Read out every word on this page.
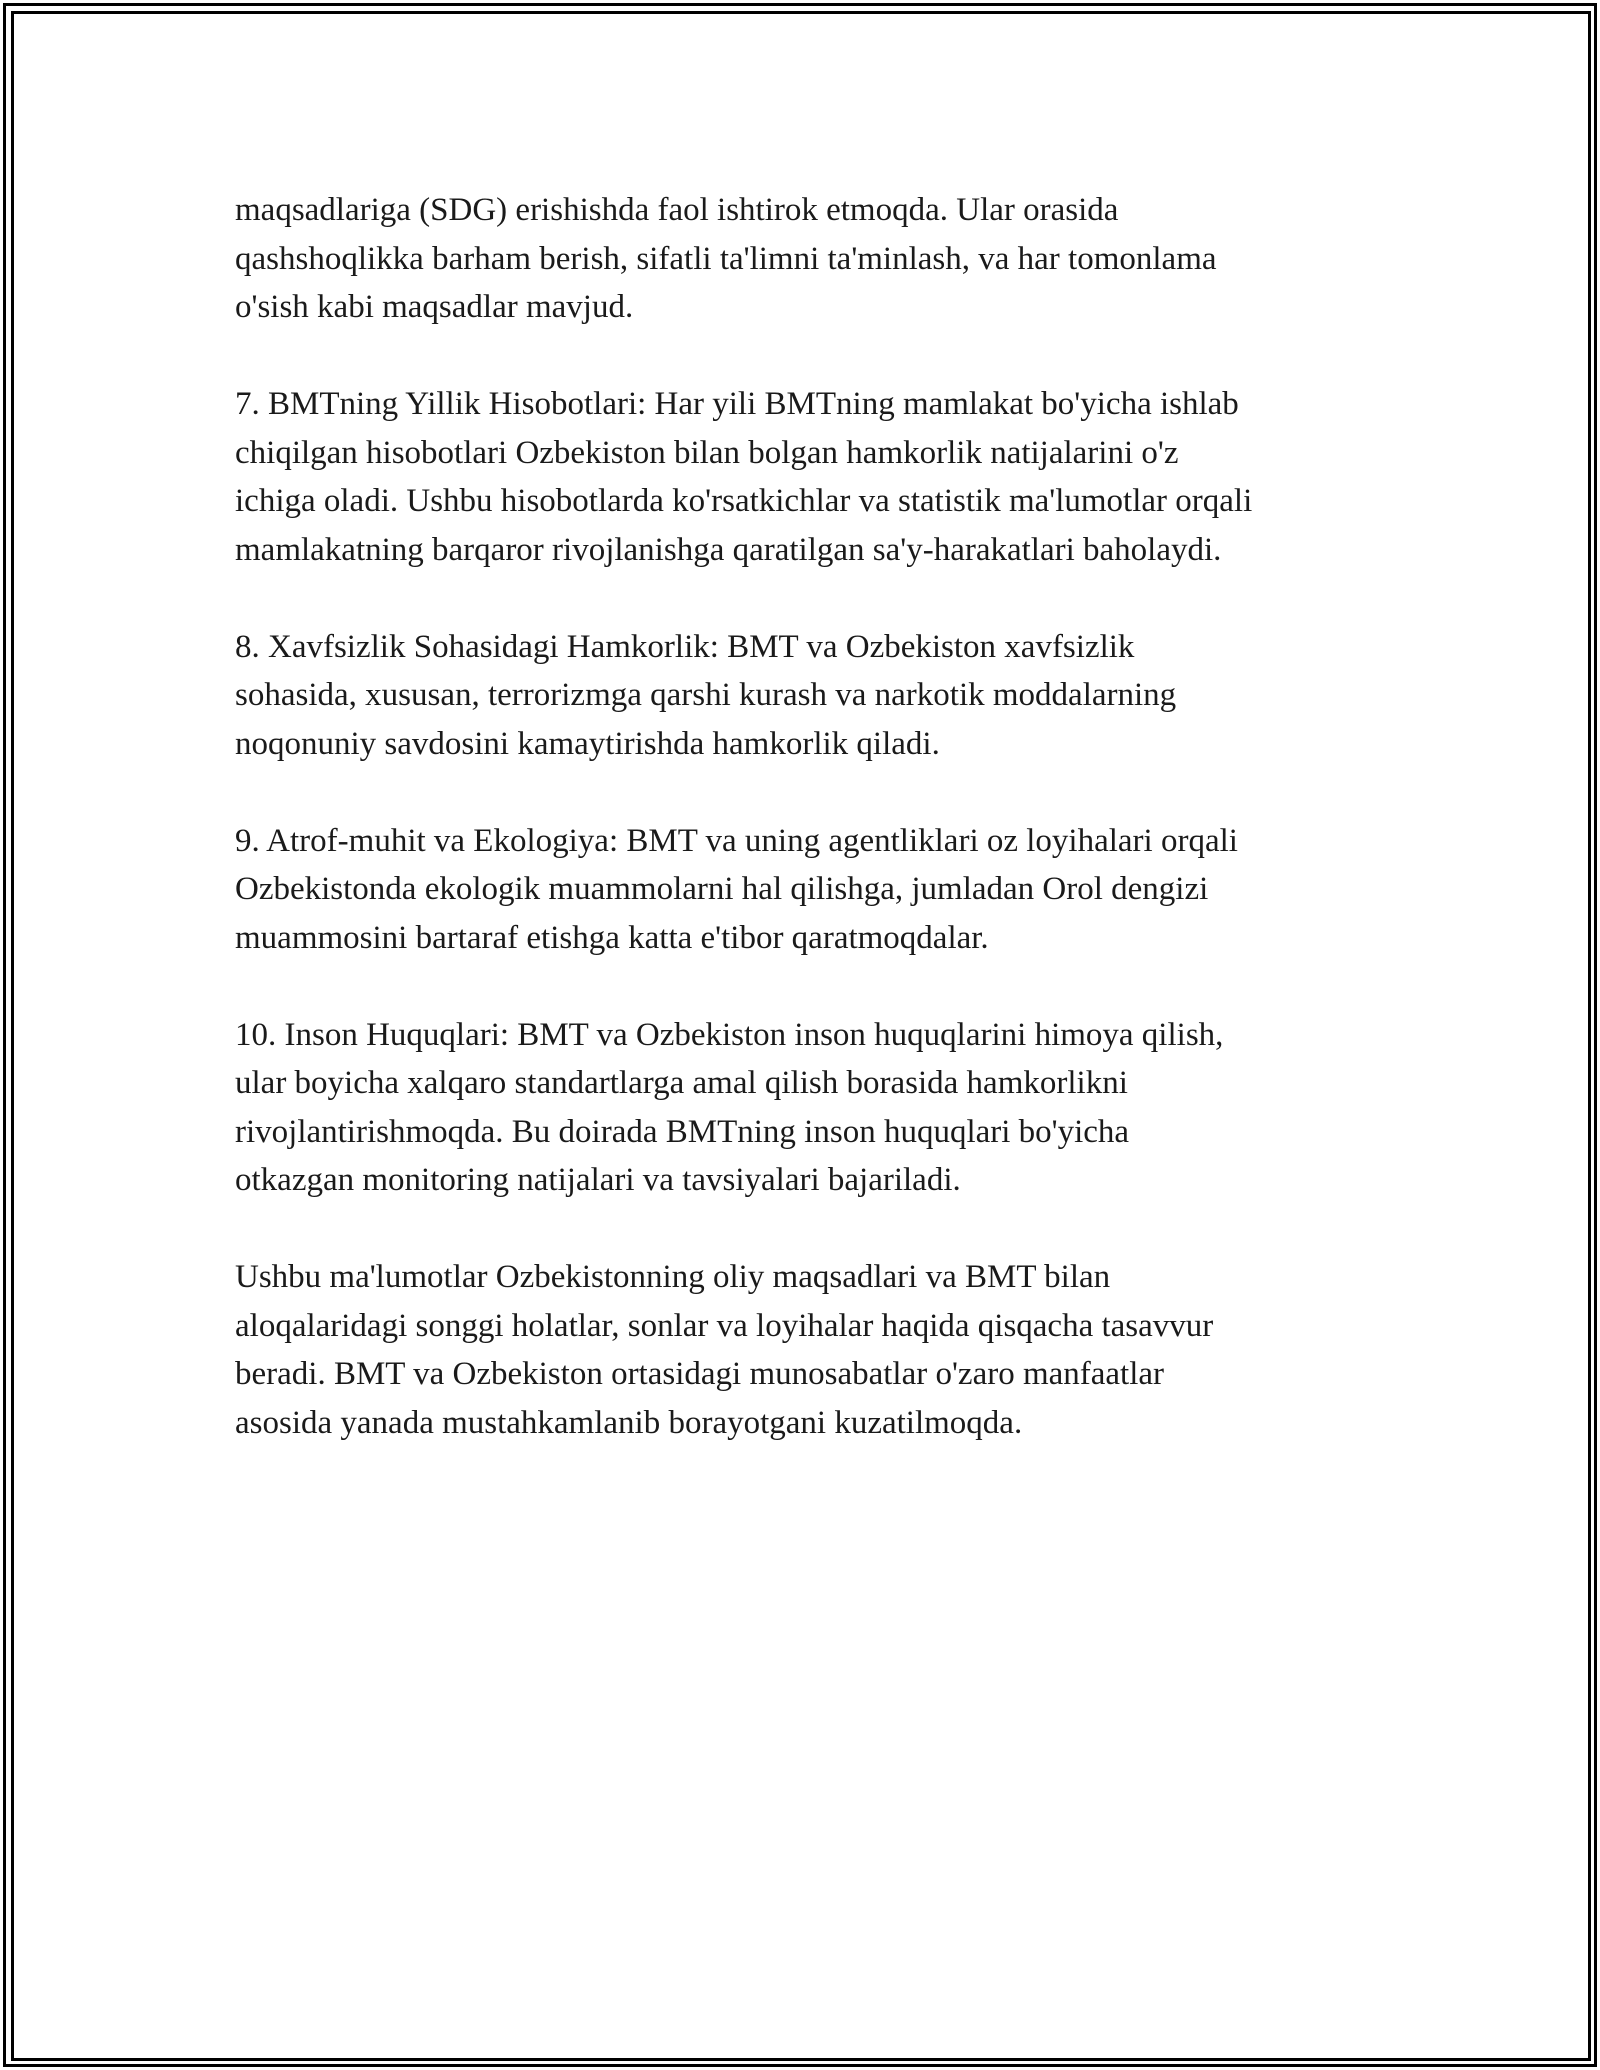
maqsadlariga (SDG) erishishda faol ishtirok etmoqda. Ular orasida
qashshoqlikka barham berish, sifatli ta'limni ta'minlash, va har tomonlama
o'sish kabi maqsadlar mavjud.

7. BMTning Yillik Hisobotlari: Har yili BMTning mamlakat bo'yicha ishlab
chiqilgan hisobotlari Ozbekiston bilan bolgan hamkorlik natijalarini o'z
ichiga oladi. Ushbu hisobotlarda ko'rsatkichlar va statistik ma'lumotlar orqali
mamlakatning barqaror rivojlanishga qaratilgan sa'y-harakatlari baholaydi.

8. Xavfsizlik Sohasidagi Hamkorlik: BMT va Ozbekiston xavfsizlik
sohasida, xususan, terrorizmga qarshi kurash va narkotik moddalarning
noqonuniy savdosini kamaytirishda hamkorlik qiladi.

9. Atrof-muhit va Ekologiya: BMT va uning agentliklari oz loyihalari orqali
Ozbekistonda ekologik muammolarni hal qilishga, jumladan Orol dengizi
muammosini bartaraf etishga katta e'tibor qaratmoqdalar.

10. Inson Huquqlari: BMT va Ozbekiston inson huquqlarini himoya qilish,
ular boyicha xalqaro standartlarga amal qilish borasida hamkorlikni
rivojlantirishmoqda. Bu doirada BMTning inson huquqlari bo'yicha
otkazgan monitoring natijalari va tavsiyalari bajariladi.

Ushbu ma'lumotlar Ozbekistonning oliy maqsadlari va BMT bilan
aloqalaridagi songgi holatlar, sonlar va loyihalar haqida qisqacha tasavvur
beradi. BMT va Ozbekiston ortasidagi munosabatlar o'zaro manfaatlar
asosida yanada mustahkamlanib borayotgani kuzatilmoqda.
